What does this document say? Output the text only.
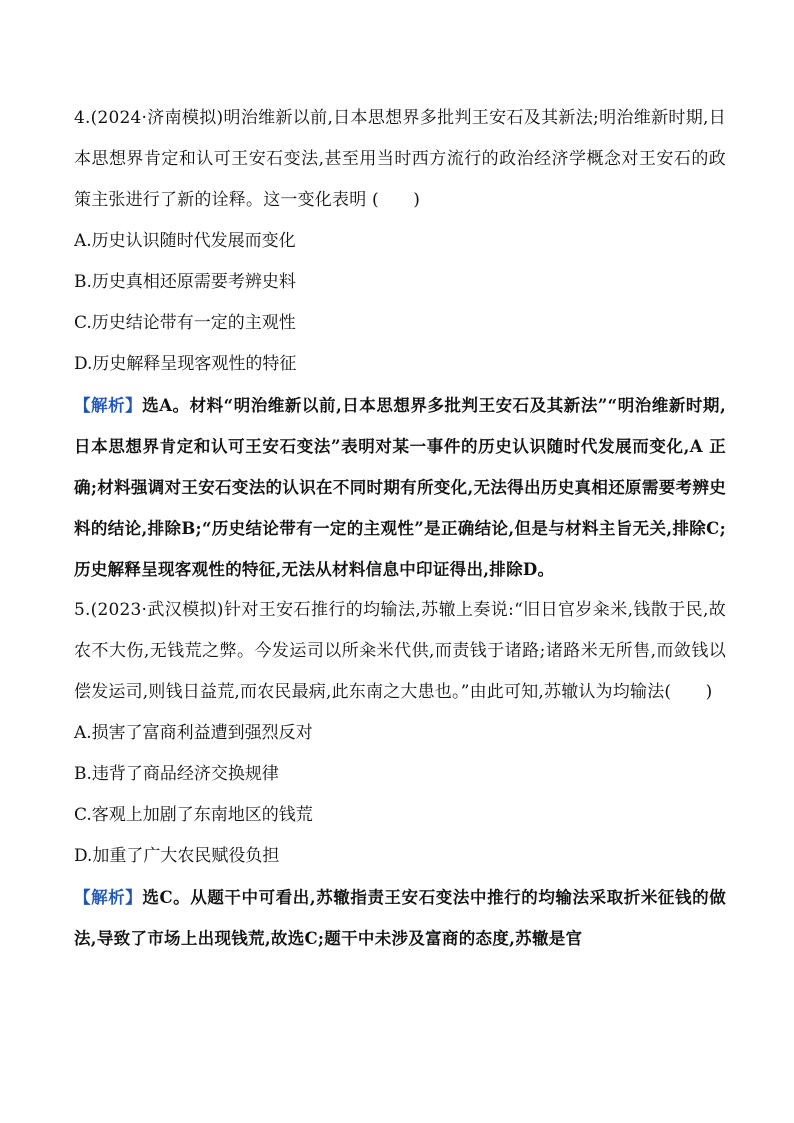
4.(2024·济南模拟)明治维新以前,日本思想界多批判王安石及其新法;明治维新时期,日本思想界肯定和认可王安石变法,甚至用当时西方流行的政治经济学概念对王安石的政策主张进行了新的诠释。这一变化表明 (　　)

A.历史认识随时代发展而变化
B.历史真相还原需要考辨史料
C.历史结论带有一定的主观性
D.历史解释呈现客观性的特征

【解析】选A。材料“明治维新以前,日本思想界多批判王安石及其新法”“明治维新时期,日本思想界肯定和认可王安石变法”表明对某一事件的历史认识随时代发展而变化,A 正确;材料强调对王安石变法的认识在不同时期有所变化,无法得出历史真相还原需要考辨史料的结论,排除B;“历史结论带有一定的主观性”是正确结论,但是与材料主旨无关,排除C;历史解释呈现客观性的特征,无法从材料信息中印证得出,排除D。

5.(2023·武汉模拟)针对王安石推行的均输法,苏辙上奏说:“旧日官岁籴米,钱散于民,故农不大伤,无钱荒之弊。今发运司以所籴米代供,而责钱于诸路;诸路米无所售,而敛钱以偿发运司,则钱日益荒,而农民最病,此东南之大患也。”由此可知,苏辙认为均输法(　　)

A.损害了富商利益遭到强烈反对
B.违背了商品经济交换规律
C.客观上加剧了东南地区的钱荒
D.加重了广大农民赋役负担

【解析】选C。从题干中可看出,苏辙指责王安石变法中推行的均输法采取折米征钱的做法,导致了市场上出现钱荒,故选C;题干中未涉及富商的态度,苏辙是官
